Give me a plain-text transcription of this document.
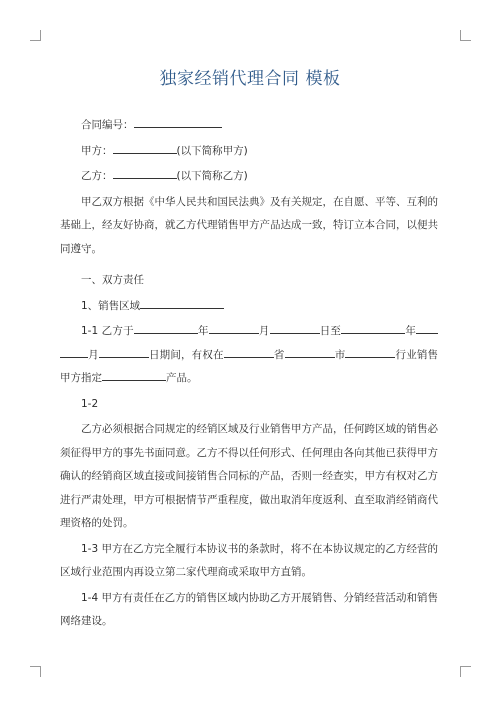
独家经销代理合同 模板

合同编号：

甲方：	(以下简称甲方)

乙方：	(以下简称乙方)

甲乙双方根据《中华人民共和国民法典》及有关规定，在自愿、平等、互利的基础上，经友好协商，就乙方代理销售甲方产品达成一致，特订立本合同，以便共同遵守。

一、双方责任

1、销售区域

1-1 乙方于	年	月	日至	年月	日期间，有权在	省	市	行业销售甲方指定	产品。

1-2

乙方必须根据合同规定的经销区域及行业销售甲方产品，任何跨区域的销售必须征得甲方的事先书面同意。乙方不得以任何形式、任何理由各向其他已获得甲方确认的经销商区域直接或间接销售合同标的产品，否则一经查实，甲方有权对乙方进行严肃处理，甲方可根据情节严重程度，做出取消年度返利、直至取消经销商代理资格的处罚。

1-3 甲方在乙方完全履行本协议书的条款时，将不在本协议规定的乙方经营的区域行业范围内再设立第二家代理商或采取甲方直销。

1-4 甲方有责任在乙方的销售区域内协助乙方开展销售、分销经营活动和销售网络建设。
